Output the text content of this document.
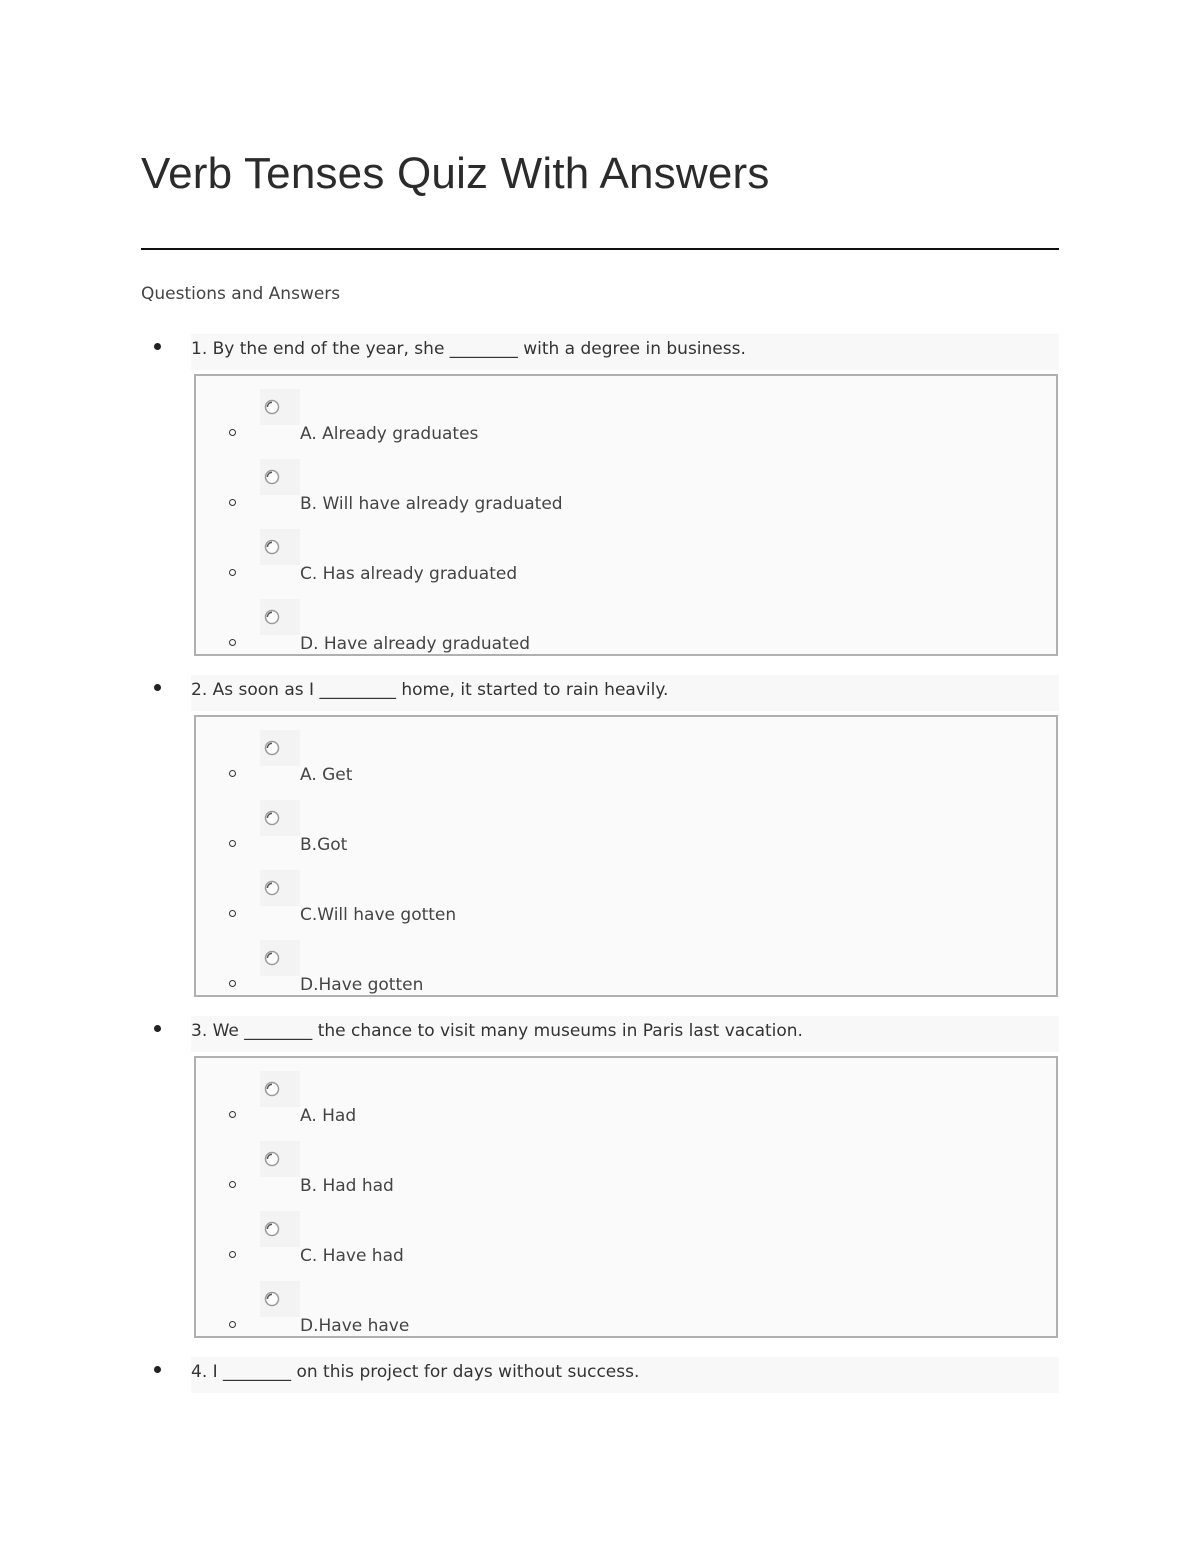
Verb Tenses Quiz With Answers
Questions and Answers
1. By the end of the year, she ________ with a degree in business.
A. Already graduates
B. Will have already graduated
C. Has already graduated
D. Have already graduated
2. As soon as I _________ home, it started to rain heavily.
A. Get
B.Got
C.Will have gotten
D.Have gotten
3. We ________ the chance to visit many museums in Paris last vacation.
A. Had
B. Had had
C. Have had
D.Have have
4. I ________ on this project for days without success.
